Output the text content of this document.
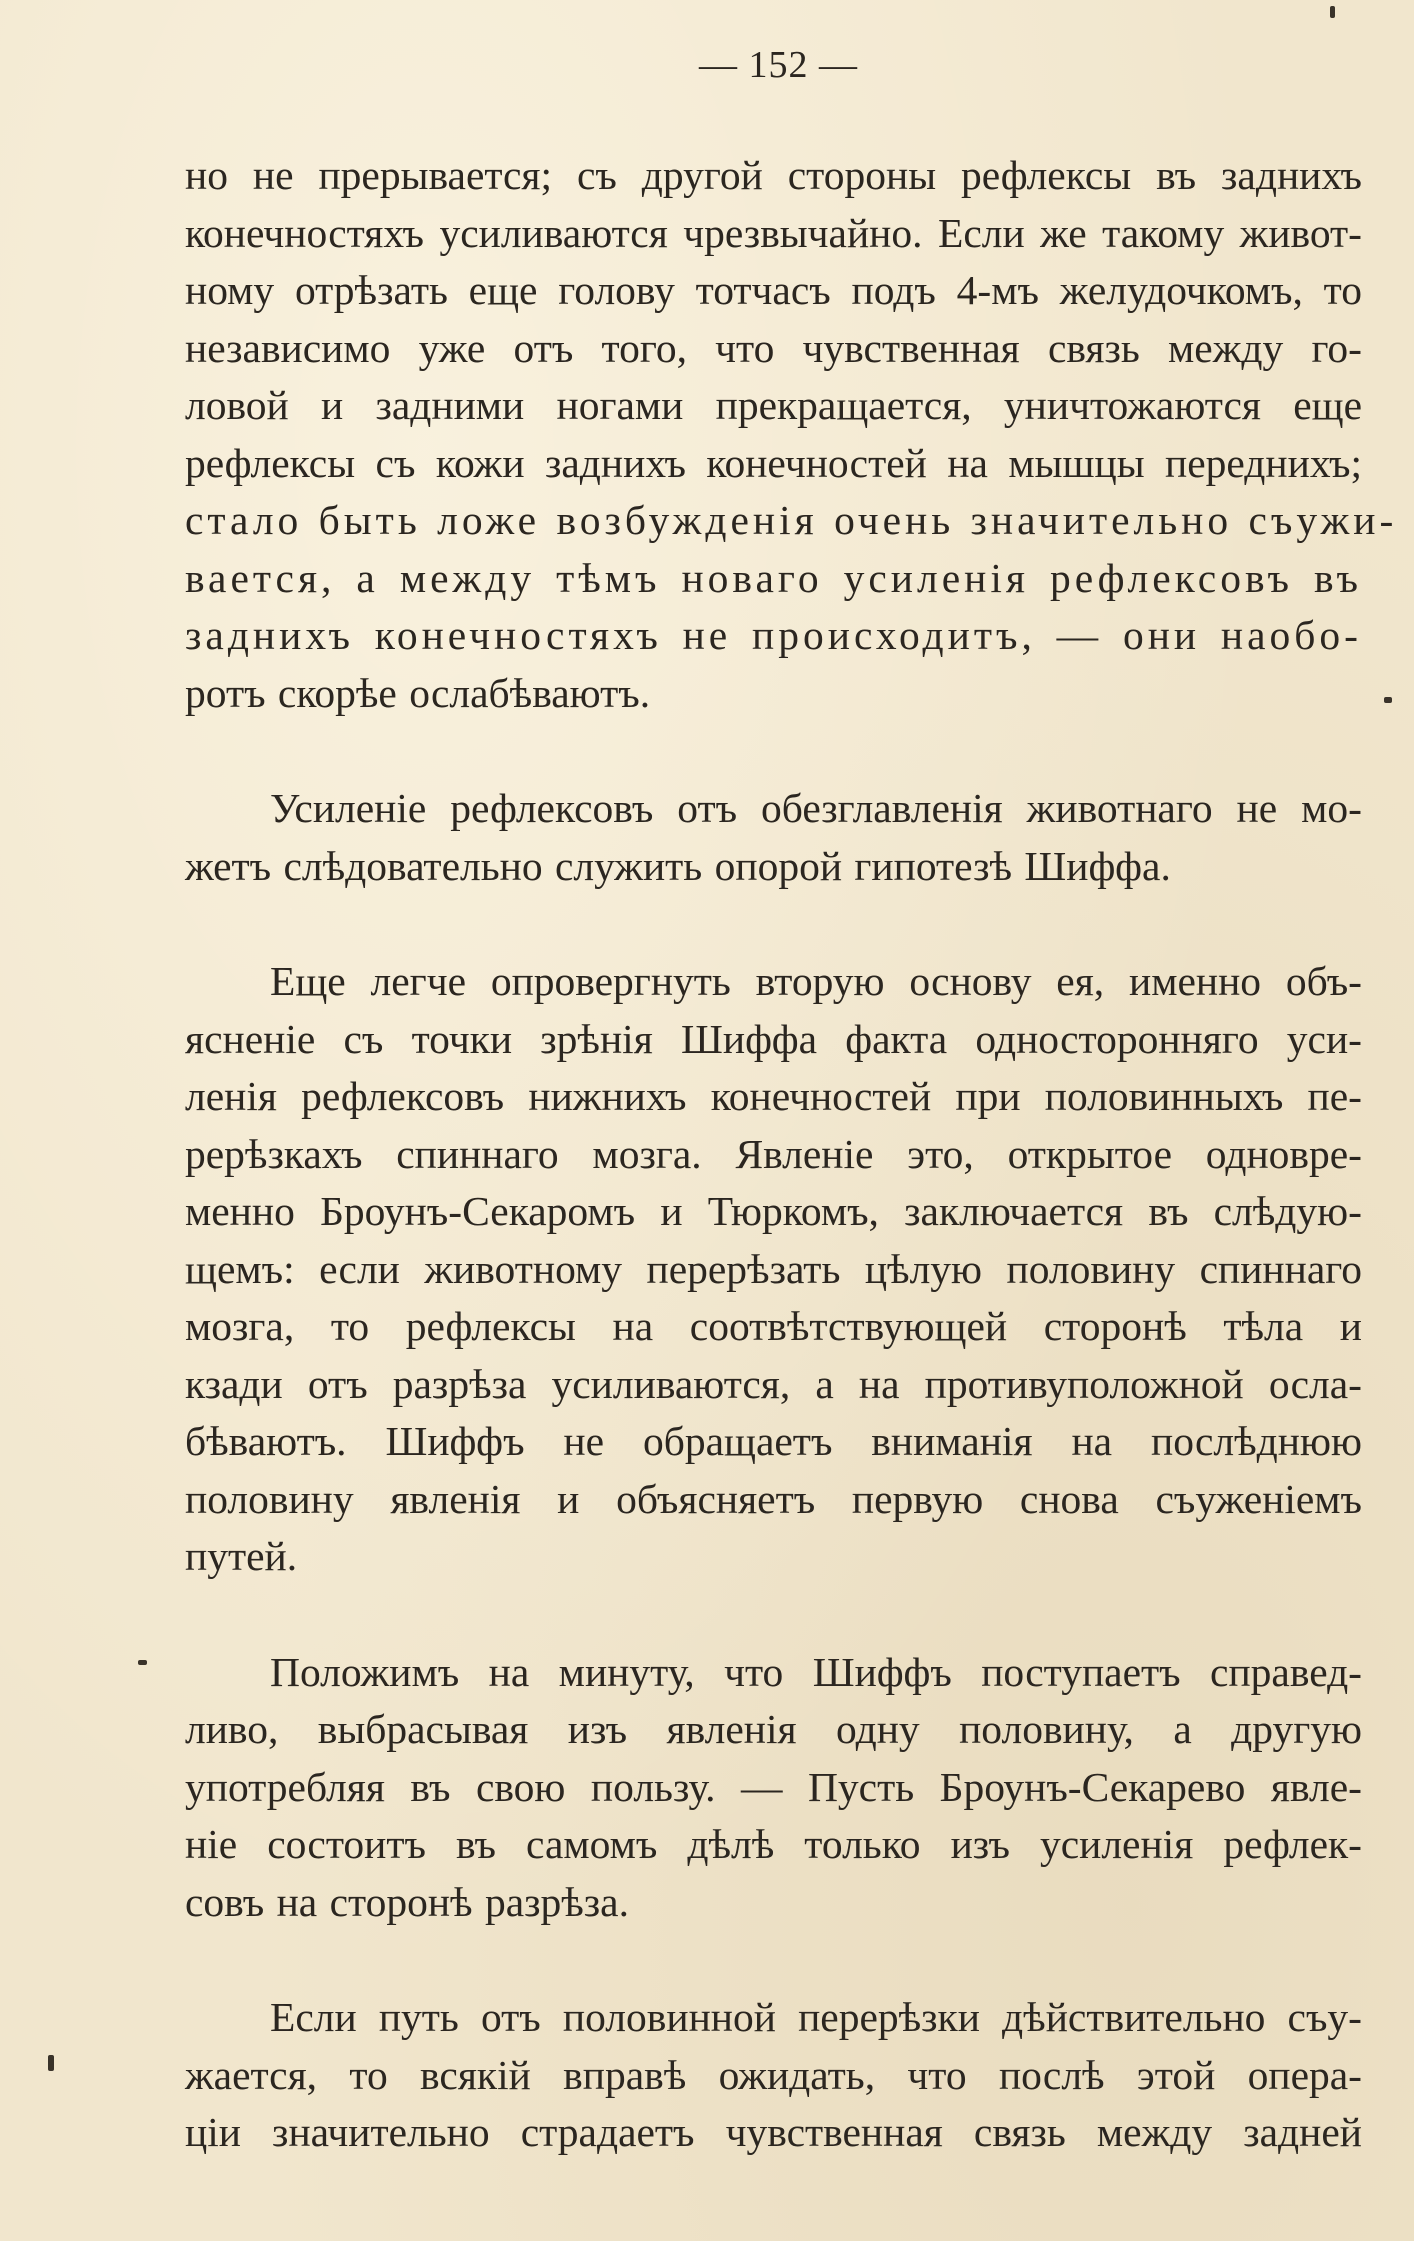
— 152 —
но не прерывается; съ другой стороны рефлексы въ заднихъ
конечностяхъ усиливаются чрезвычайно. Если же такому живот-
ному отрѣзать еще голову тотчасъ подъ 4-мъ желудочкомъ, то
независимо уже отъ того, что чувственная связь между го-
ловой и задними ногами прекращается, уничтожаются еще
рефлексы съ кожи заднихъ конечностей на мышцы переднихъ;
стало быть ложе возбужденія очень значительно съужи-
вается, а между тѣмъ новаго усиленія рефлексовъ въ
заднихъ конечностяхъ не происходитъ, — они наобо-
ротъ скорѣе ослабѣваютъ.
Усиленіе рефлексовъ отъ обезглавленія животнаго не мо-
жетъ слѣдовательно служить опорой гипотезѣ Шиффа.
Еще легче опровергнуть вторую основу ея, именно объ-
ясненіе съ точки зрѣнія Шиффа факта односторонняго уси-
ленія рефлексовъ нижнихъ конечностей при половинныхъ пе-
рерѣзкахъ спиннаго мозга. Явленіе это, открытое одновре-
менно Броунъ-Секаромъ и Тюркомъ, заключается въ слѣдую-
щемъ: если животному перерѣзать цѣлую половину спиннаго
мозга, то рефлексы на соотвѣтствующей сторонѣ тѣла и
кзади отъ разрѣза усиливаются, а на противуположной осла-
бѣваютъ. Шиффъ не обращаетъ вниманія на послѣднюю
половину явленія и объясняетъ первую снова съуженіемъ
путей.
Положимъ на минуту, что Шиффъ поступаетъ справед-
ливо, выбрасывая изъ явленія одну половину, а другую
употребляя въ свою пользу. — Пусть Броунъ-Секарево явле-
ніе состоитъ въ самомъ дѣлѣ только изъ усиленія рефлек-
совъ на сторонѣ разрѣза.
Если путь отъ половинной перерѣзки дѣйствительно съу-
жается, то всякій вправѣ ожидать, что послѣ этой опера-
ціи значительно страдаетъ чувственная связь между задней
